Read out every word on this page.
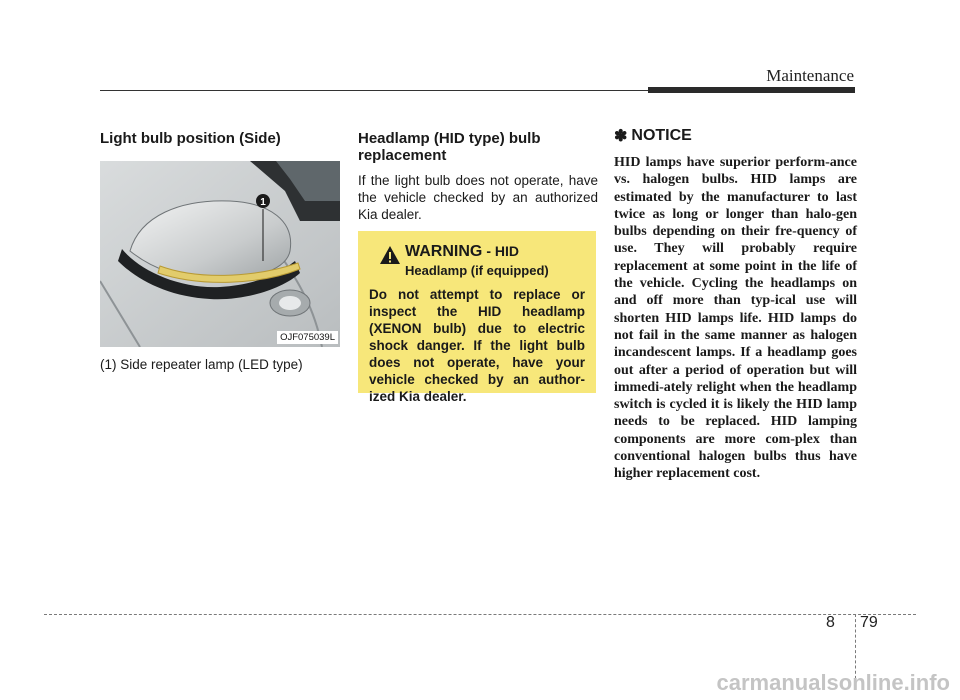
Maintenance
Light bulb position (Side)
1
OJF075039L
(1) Side repeater lamp (LED type)
Headlamp (HID type) bulb replacement

If the light bulb does not operate, have the vehicle checked by an authorized Kia dealer.

WARNING - HID
Headlamp (if equipped)
Do not attempt to replace or inspect the HID headlamp (XENON bulb) due to electric shock danger. If the light bulb does not operate, have your vehicle checked by an author-ized Kia dealer.
✽ NOTICE
HID lamps have superior perform-ance vs. halogen bulbs. HID lamps are estimated by the manufacturer to last twice as long or longer than halo-gen bulbs depending on their fre-quency of use. They will probably require replacement at some point in the life of the vehicle. Cycling the headlamps on and off more than typ-ical use will shorten HID lamps life. HID lamps do not fail in the same manner as halogen incandescent lamps. If a headlamp goes out after a period of operation but will immedi-ately relight when the headlamp switch is cycled it is likely the HID lamp needs to be replaced. HID lamping components are more com-plex than conventional halogen bulbs thus have higher replacement cost.
8 79
carmanualsonline.info
